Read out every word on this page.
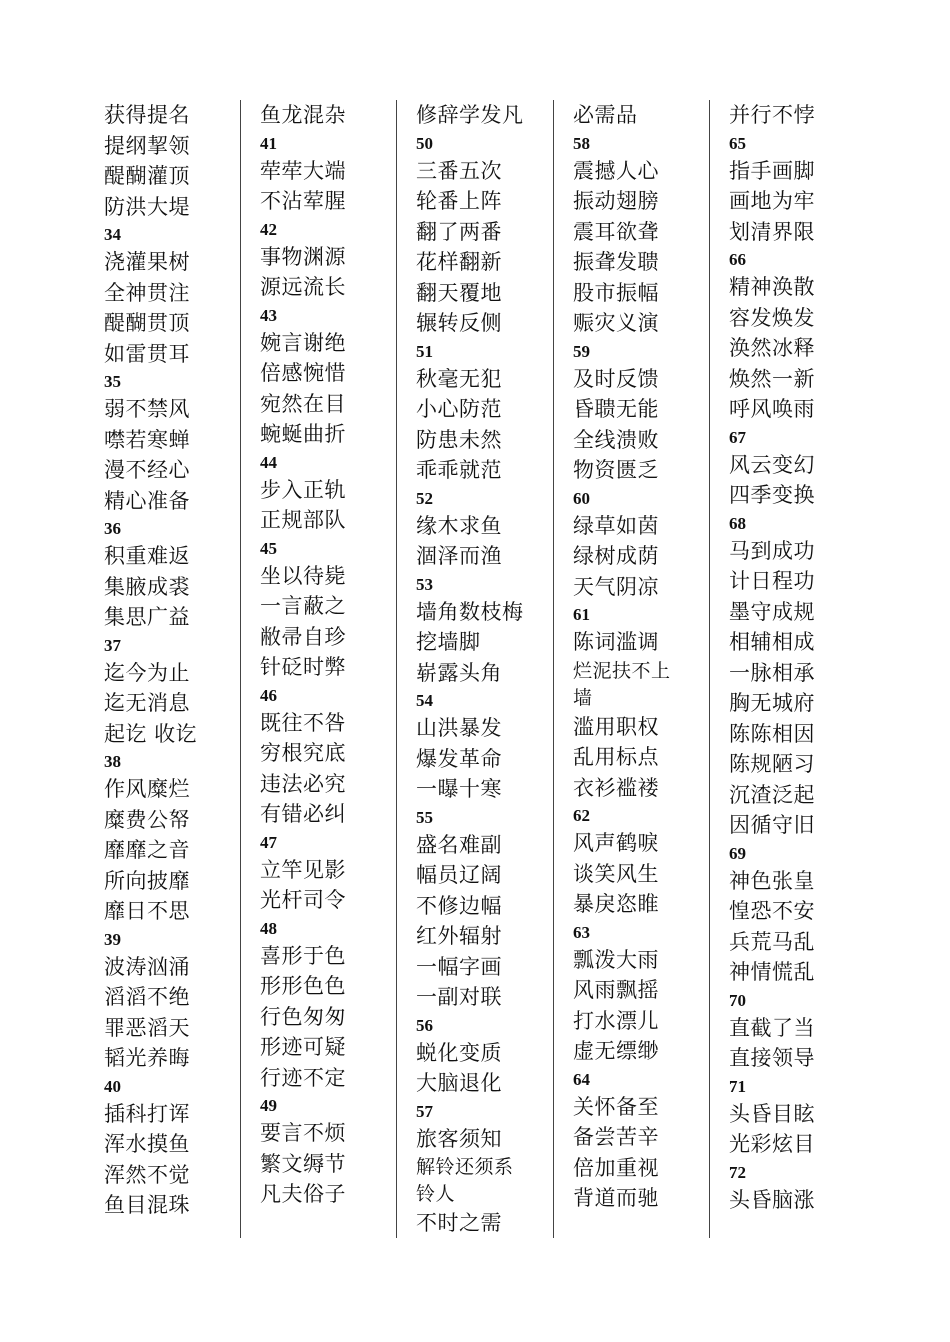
获得提名
提纲挈领
醍醐灌顶
防洪大堤
34
浇灌果树
全神贯注
醍醐贯顶
如雷贯耳
35
弱不禁风
噤若寒蝉
漫不经心
精心准备
36
积重难返
集腋成裘
集思广益
37
迄今为止
迄无消息
起讫 收讫
38
作风糜烂
糜费公帑
靡靡之音
所向披靡
靡日不思
39
波涛汹涌
滔滔不绝
罪恶滔天
韬光养晦
40
插科打诨
浑水摸鱼
浑然不觉
鱼目混珠
鱼龙混杂
41
荦荦大端
不沾荤腥
42
事物渊源
源远流长
43
婉言谢绝
倍感惋惜
宛然在目
蜿蜒曲折
44
步入正轨
正规部队
45
坐以待毙
一言蔽之
敝帚自珍
针砭时弊
46
既往不咎
穷根究底
违法必究
有错必纠
47
立竿见影
光杆司令
48
喜形于色
形形色色
行色匆匆
形迹可疑
行迹不定
49
要言不烦
繁文缛节
凡夫俗子
修辞学发凡
50
三番五次
轮番上阵
翻了两番
花样翻新
翻天覆地
辗转反侧
51
秋毫无犯
小心防范
防患未然
乖乖就范
52
缘木求鱼
涸泽而渔
53
墙角数枝梅
挖墙脚
崭露头角
54
山洪暴发
爆发革命
一曝十寒
55
盛名难副
幅员辽阔
不修边幅
红外辐射
一幅字画
一副对联
56
蜕化变质
大脑退化
57
旅客须知
解铃还须系铃人
不时之需
必需品
58
震撼人心
振动翅膀
震耳欲聋
振聋发聩
股市振幅
赈灾义演
59
及时反馈
昏聩无能
全线溃败
物资匮乏
60
绿草如茵
绿树成荫
天气阴凉
61
陈词滥调
烂泥扶不上墙
滥用职权
乱用标点
衣衫褴褛
62
风声鹤唳
谈笑风生
暴戾恣睢
63
瓢泼大雨
风雨飘摇
打水漂儿
虚无缥缈
64
关怀备至
备尝苦辛
倍加重视
背道而驰
并行不悖
65
指手画脚
画地为牢
划清界限
66
精神涣散
容发焕发
涣然冰释
焕然一新
呼风唤雨
67
风云变幻
四季变换
68
马到成功
计日程功
墨守成规
相辅相成
一脉相承
胸无城府
陈陈相因
陈规陋习
沉渣泛起
因循守旧
69
神色张皇
惶恐不安
兵荒马乱
神情慌乱
70
直截了当
直接领导
71
头昏目眩
光彩炫目
72
头昏脑涨
